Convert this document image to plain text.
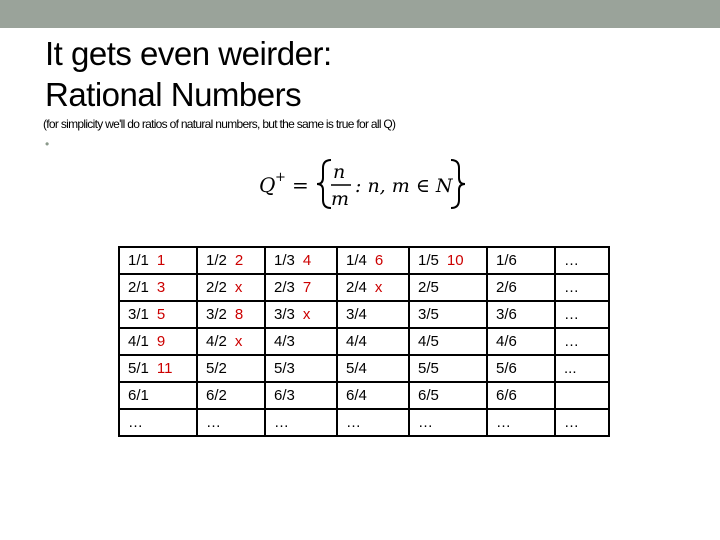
It gets even weirder:
Rational Numbers
(for simplicity we'll do ratios of natural numbers, but the same is true for all Q)
•
Q + =
n
m
: n, m ∈ N
1/1 1	1/2 2	1/3 4	1/4 6	1/5 10	1/6	…
2/1 3	2/2 x	2/3 7	2/4 x	2/5	2/6	…
3/1 5	3/2 8	3/3 x	3/4	3/5	3/6	…
4/1 9	4/2 x	4/3	4/4	4/5	4/6	…
5/1 11	5/2	5/3	5/4	5/5	5/6	...
6/1	6/2	6/3	6/4	6/5	6/6	
…	…	…	…	…	…	…
